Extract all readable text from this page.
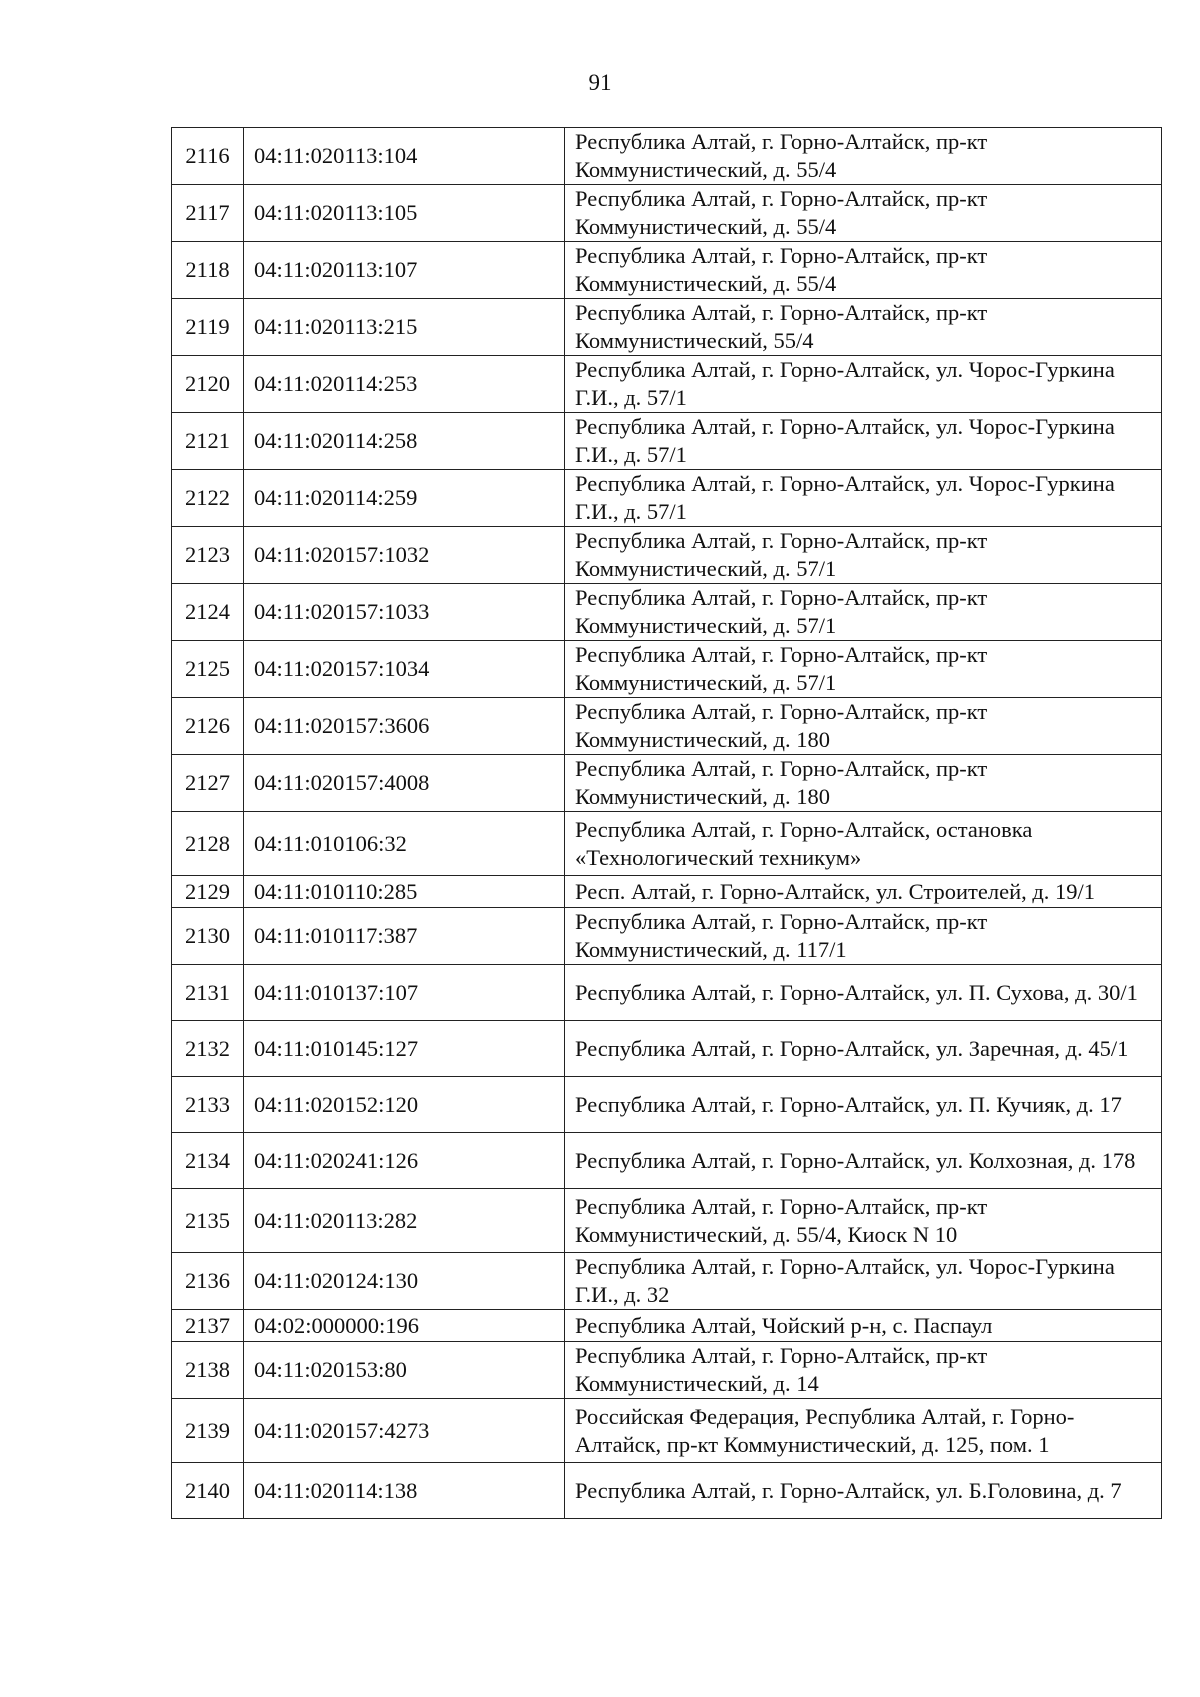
91
2116	04:11:020113:104	Республика Алтай, г. Горно-Алтайск, пр-кт Коммунистический, д. 55/4
2117	04:11:020113:105	Республика Алтай, г. Горно-Алтайск, пр-кт Коммунистический, д. 55/4
2118	04:11:020113:107	Республика Алтай, г. Горно-Алтайск, пр-кт Коммунистический, д. 55/4
2119	04:11:020113:215	Республика Алтай, г. Горно-Алтайск, пр-кт Коммунистический, 55/4
2120	04:11:020114:253	Республика Алтай, г. Горно-Алтайск, ул. Чорос-Гуркина Г.И., д. 57/1
2121	04:11:020114:258	Республика Алтай, г. Горно-Алтайск, ул. Чорос-Гуркина Г.И., д. 57/1
2122	04:11:020114:259	Республика Алтай, г. Горно-Алтайск, ул. Чорос-Гуркина Г.И., д. 57/1
2123	04:11:020157:1032	Республика Алтай, г. Горно-Алтайск, пр-кт Коммунистический, д. 57/1
2124	04:11:020157:1033	Республика Алтай, г. Горно-Алтайск, пр-кт Коммунистический, д. 57/1
2125	04:11:020157:1034	Республика Алтай, г. Горно-Алтайск, пр-кт Коммунистический, д. 57/1
2126	04:11:020157:3606	Республика Алтай, г. Горно-Алтайск, пр-кт Коммунистический, д. 180
2127	04:11:020157:4008	Республика Алтай, г. Горно-Алтайск, пр-кт Коммунистический, д. 180
2128	04:11:010106:32	Республика Алтай, г. Горно-Алтайск, остановка «Технологический техникум»
2129	04:11:010110:285	Респ. Алтай, г. Горно-Алтайск, ул. Строителей, д. 19/1
2130	04:11:010117:387	Республика Алтай, г. Горно-Алтайск, пр-кт Коммунистический, д. 117/1
2131	04:11:010137:107	Республика Алтай, г. Горно-Алтайск, ул. П. Сухова, д. 30/1
2132	04:11:010145:127	Республика Алтай, г. Горно-Алтайск, ул. Заречная, д. 45/1
2133	04:11:020152:120	Республика Алтай, г. Горно-Алтайск, ул. П. Кучияк, д. 17
2134	04:11:020241:126	Республика Алтай, г. Горно-Алтайск, ул. Колхозная, д. 178
2135	04:11:020113:282	Республика Алтай, г. Горно-Алтайск, пр-кт Коммунистический, д. 55/4, Киоск N 10
2136	04:11:020124:130	Республика Алтай, г. Горно-Алтайск, ул. Чорос-Гуркина Г.И., д. 32
2137	04:02:000000:196	Республика Алтай, Чойский р-н, с. Паспаул
2138	04:11:020153:80	Республика Алтай, г. Горно-Алтайск, пр-кт Коммунистический, д. 14
2139	04:11:020157:4273	Российская Федерация, Республика Алтай, г. Горно-Алтайск, пр-кт Коммунистический, д. 125, пом. 1
2140	04:11:020114:138	Республика Алтай, г. Горно-Алтайск, ул. Б.Головина, д. 7
